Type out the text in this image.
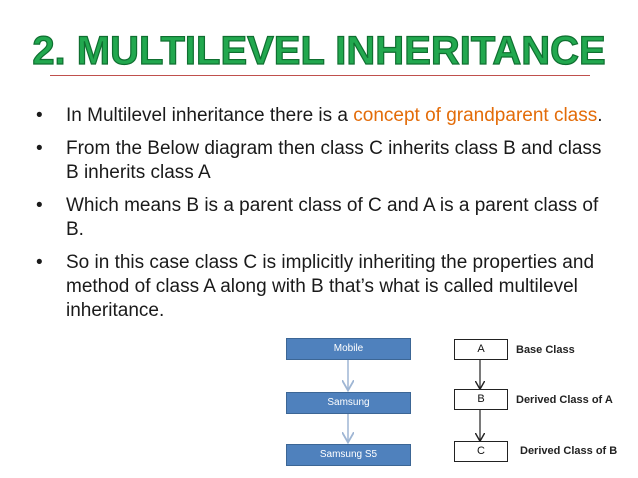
2. MULTILEVEL INHERITANCE
• In Multilevel inheritance there is a concept of grandparent class.
• From the Below diagram then class C inherits class B and class B inherits class A
• Which means B is a parent class of C and A is a parent class of B.
• So in this case class C is implicitly inheriting the properties and method of class A along with B that’s what is called multilevel inheritance.
Mobile
Samsung
Samsung S5
A
B
C
Base Class
Derived Class of A
Derived Class of B
